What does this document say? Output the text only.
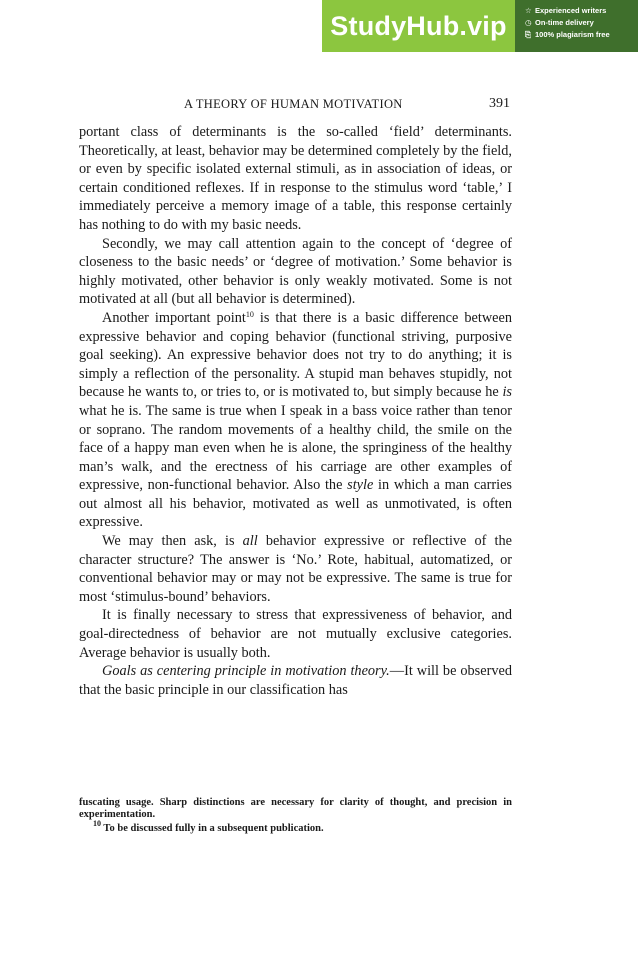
StudyHub.vip
☆ Experienced writers
◷ On-time delivery
⎘ 100% plagiarism free
A THEORY OF HUMAN MOTIVATION	391

portant class of determinants is the so-called ‘field’ determinants. Theoretically, at least, behavior may be determined completely by the field, or even by specific isolated external stimuli, as in association of ideas, or certain conditioned reflexes. If in response to the stimulus word ‘table,’ I immediately perceive a memory image of a table, this response certainly has nothing to do with my basic needs.

Secondly, we may call attention again to the concept of ‘degree of closeness to the basic needs’ or ‘degree of motivation.’ Some behavior is highly motivated, other behavior is only weakly motivated. Some is not motivated at all (but all behavior is determined).

Another important point$^{10}$ is that there is a basic difference between expressive behavior and coping behavior (functional striving, purposive goal seeking). An expressive behavior does not try to do anything; it is simply a reflection of the personality. A stupid man behaves stupidly, not because he wants to, or tries to, or is motivated to, but simply because he is what he is. The same is true when I speak in a bass voice rather than tenor or soprano. The random movements of a healthy child, the smile on the face of a happy man even when he is alone, the springiness of the healthy man’s walk, and the erectness of his carriage are other examples of expressive, non-functional behavior. Also the style in which a man carries out almost all his behavior, motivated as well as unmotivated, is often expressive.

We may then ask, is all behavior expressive or reflective of the character structure? The answer is ‘No.’ Rote, habitual, automatized, or conventional behavior may or may not be expressive. The same is true for most ‘stimulus-bound’ behaviors.

It is finally necessary to stress that expressiveness of behavior, and goal-directedness of behavior are not mutually exclusive categories. Average behavior is usually both.

Goals as centering principle in motivation theory.—It will be observed that the basic principle in our classification has

fuscating usage. Sharp distinctions are necessary for clarity of thought, and precision in experimentation.

$^{10}$ To be discussed fully in a subsequent publication.
